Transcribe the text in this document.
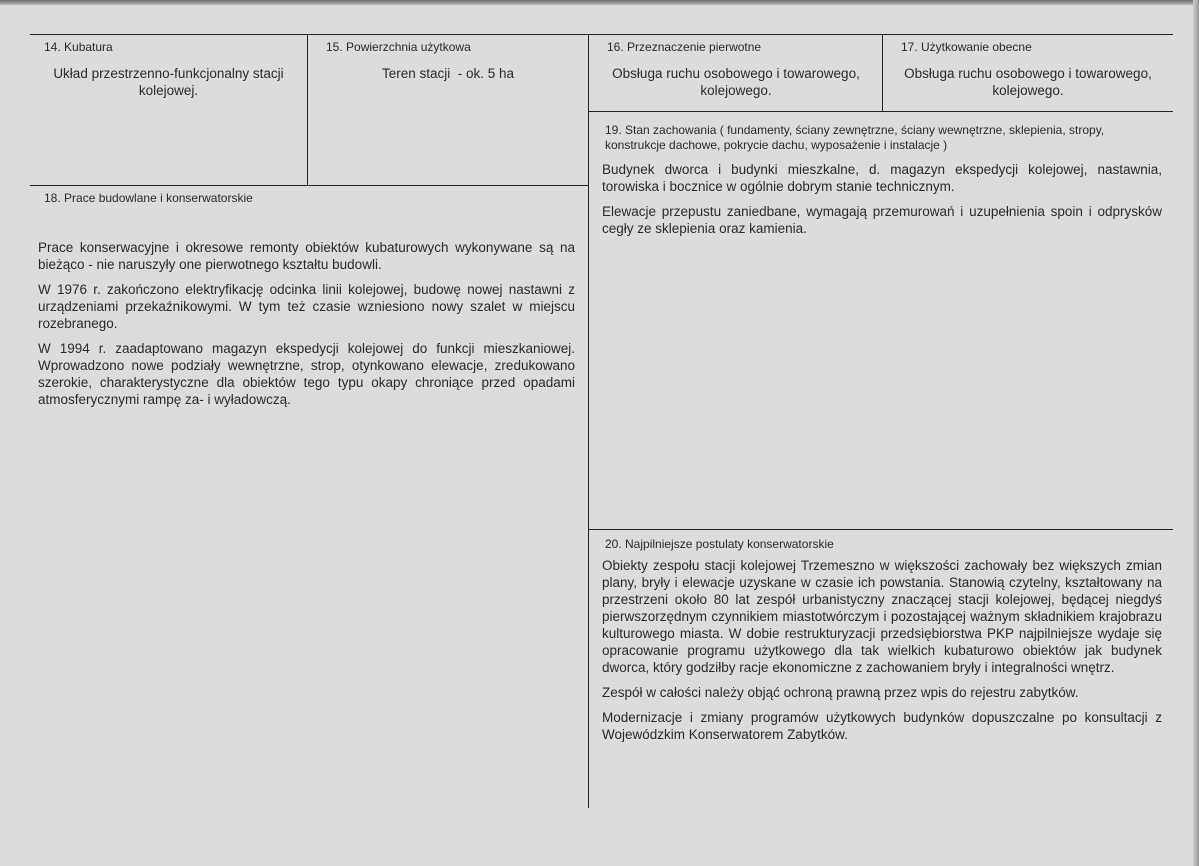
14. Kubatura
Układ przestrzenno-funkcjonalny stacji kolejowej.
15. Powierzchnia użytkowa
Teren stacji  - ok. 5 ha
16. Przeznaczenie pierwotne
Obsługa ruchu osobowego i towarowego, kolejowego.
17. Użytkowanie obecne
Obsługa ruchu osobowego i towarowego, kolejowego.
18. Prace budowlane i konserwatorskie

Prace konserwacyjne i okresowe remonty obiektów kubaturowych wykonywane są na bieżąco - nie naruszyły one pierwotnego kształtu budowli.

W 1976 r. zakończono elektryfikację odcinka linii kolejowej, budowę nowej nastawni z urządzeniami przekaźnikowymi. W tym też czasie wzniesiono nowy szalet w miejscu rozebranego.

W 1994 r. zaadaptowano magazyn ekspedycji kolejowej do funkcji mieszkaniowej. Wprowadzono nowe podziały wewnętrzne, strop, otynkowano elewacje, zredukowano szerokie, charakterystyczne dla obiektów tego typu okapy chroniące przed opadami atmosferycznymi rampę za- i wyładowczą.

19. Stan zachowania ( fundamenty, ściany zewnętrzne, ściany wewnętrzne, sklepienia, stropy, konstrukcje dachowe, pokrycie dachu, wyposażenie i instalacje )

Budynek dworca i budynki mieszkalne, d. magazyn ekspedycji kolejowej, nastawnia, torowiska i bocznice w ogólnie dobrym stanie technicznym.

Elewacje przepustu zaniedbane, wymagają przemurowań i uzupełnienia spoin i odprysków cegły ze sklepienia oraz kamienia.

20. Najpilniejsze postulaty konserwatorskie

Obiekty zespołu stacji kolejowej Trzemeszno w większości zachowały bez większych zmian plany, bryły i elewacje uzyskane w czasie ich powstania. Stanowią czytelny, kształtowany na przestrzeni około 80 lat zespół urbanistyczny znaczącej stacji kolejowej, będącej niegdyś pierwszorzędnym czynnikiem miastotwórczym i pozostającej ważnym składnikiem krajobrazu kulturowego miasta. W dobie restrukturyzacji przedsiębiorstwa PKP najpilniejsze wydaje się opracowanie programu użytkowego dla tak wielkich kubaturowo obiektów jak budynek dworca, który godziłby racje ekonomiczne z zachowaniem bryły i integralności wnętrz.

Zespół w całości należy objąć ochroną prawną przez wpis do rejestru zabytków.

Modernizacje i zmiany programów użytkowych budynków dopuszczalne po konsultacji z Wojewódzkim Konserwatorem Zabytków.
